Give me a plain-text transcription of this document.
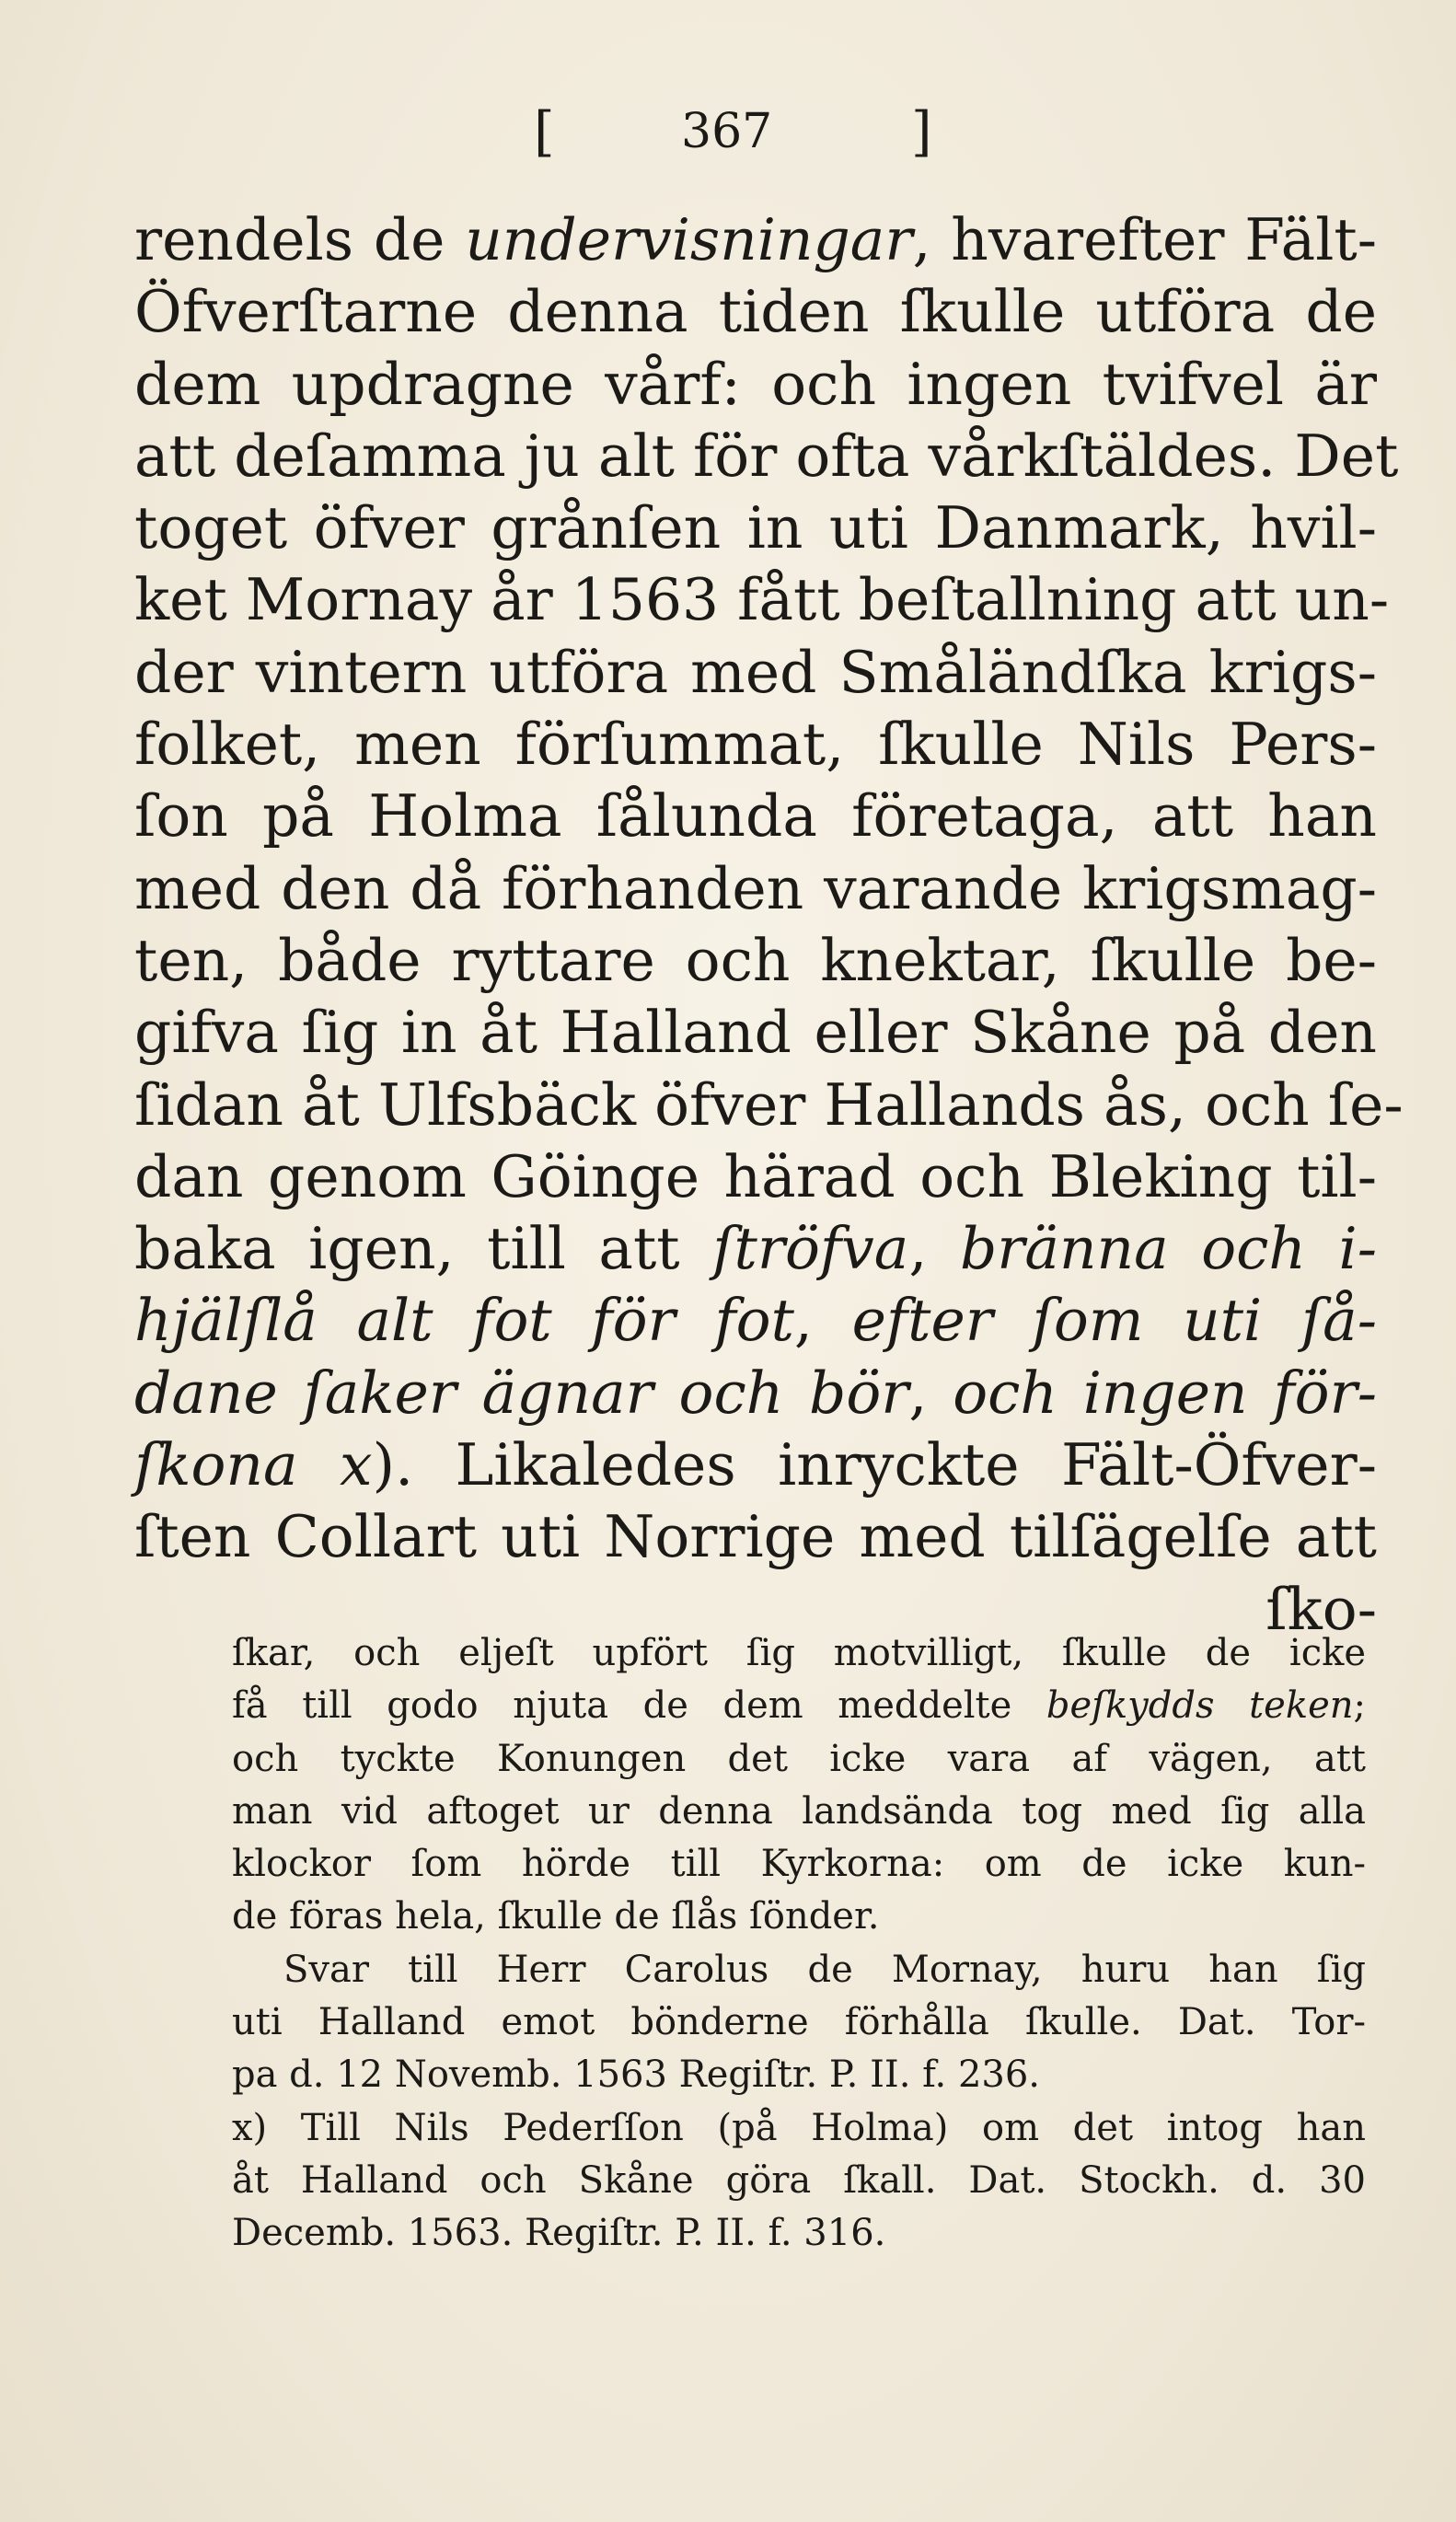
[	367	]
rendels de undervisningar, hvarefter Fält-
Öfverſtarne denna tiden ſkulle utföra de
dem updragne vårf: och ingen tvifvel är
att deſamma ju alt för ofta vårkſtäldes. Det
toget öfver grånſen in uti Danmark, hvil-
ket Mornay år 1563 fått beſtallning att un-
der vintern utföra med Småländſka krigs-
folket, men förſummat, ſkulle Nils Pers-
ſon på Holma ſålunda företaga, att han
med den då förhanden varande krigsmag-
ten, både ryttare och knektar, ſkulle be-
gifva ſig in åt Halland eller Skåne på den
ſidan åt Ulfsbäck öfver Hallands ås, och ſe-
dan genom Göinge härad och Bleking til-
baka igen, till att ſtröfva, bränna och i-
hjälſlå alt fot för fot, efter ſom uti ſå-
dane ſaker ägnar och bör, och ingen för-
ſkona x). Likaledes inryckte Fält-Öfver-
ſten Collart uti Norrige med tilſägelſe att
ſko-
ſkar, och eljeſt upfört ſig motvilligt, ſkulle de icke
få till godo njuta de dem meddelte beſkydds teken;
och tyckte Konungen det icke vara af vägen, att
man vid aftoget ur denna landsända tog med ſig alla
klockor ſom hörde till Kyrkorna: om de icke kun-
de föras hela, ſkulle de ſlås ſönder.
Svar till Herr Carolus de Mornay, huru han ſig
uti Halland emot bönderne förhålla ſkulle. Dat. Tor-
pa d. 12 Novemb. 1563 Regiſtr. P. II. f. 236.
x) Till Nils Pederſſon (på Holma) om det intog han
åt Halland och Skåne göra ſkall. Dat. Stockh. d. 30
Decemb. 1563. Regiſtr. P. II. f. 316.
